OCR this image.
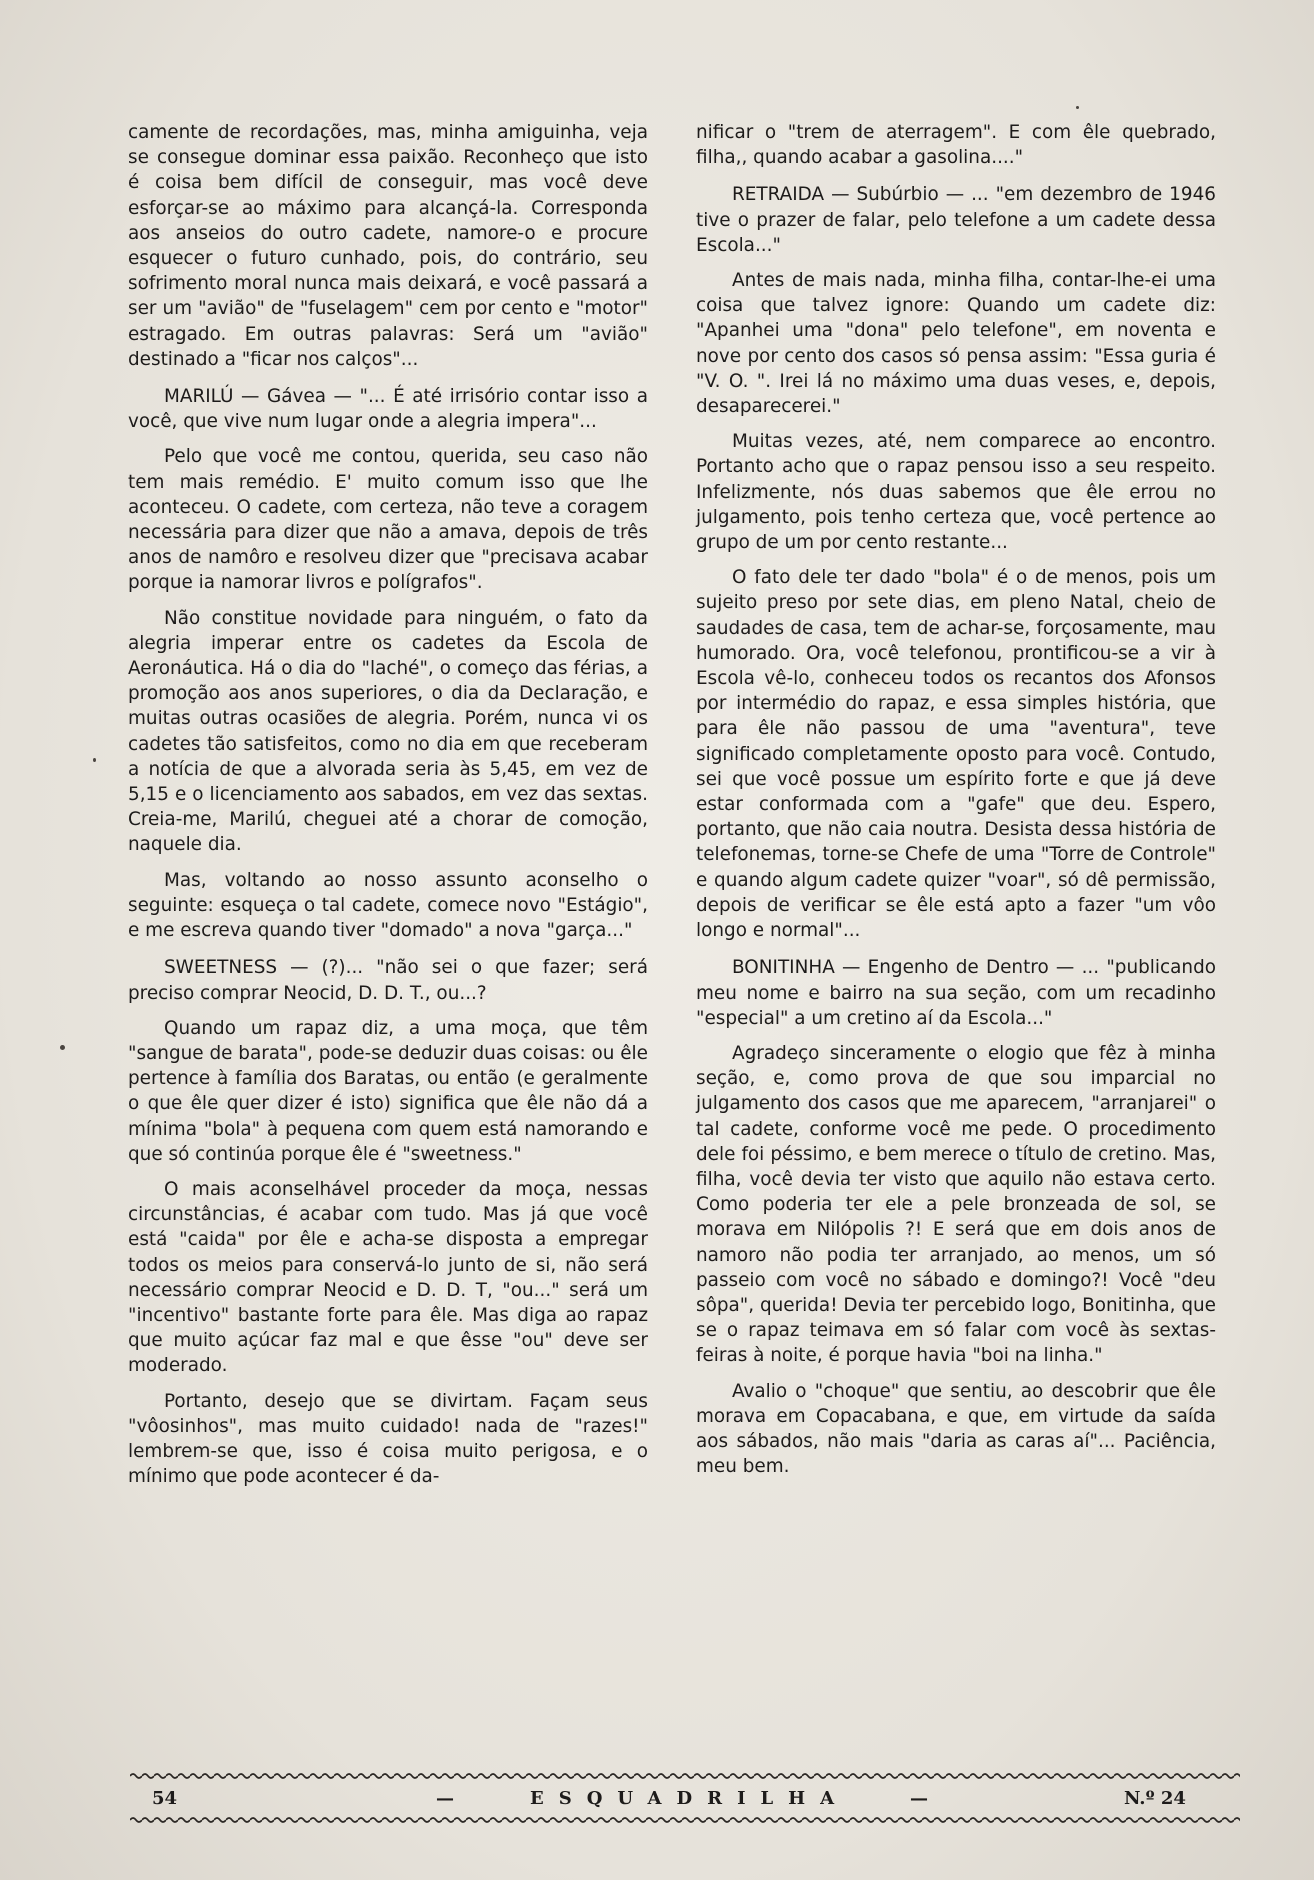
camente de recordações, mas, minha amiguinha, veja se consegue dominar essa paixão. Reconheço que isto é coisa bem difícil de conseguir, mas você deve esforçar-se ao máximo para alcançá-la. Corresponda aos anseios do outro cadete, namore-o e procure esquecer o futuro cunhado, pois, do contrário, seu sofrimento moral nunca mais deixará, e você passará a ser um "avião" de "fuselagem" cem por cento e "motor" estragado. Em outras palavras: Será um "avião" destinado a "ficar nos calços"...

MARILÚ — Gávea — "... É até irrisório contar isso a você, que vive num lugar onde a alegria impera"...

Pelo que você me contou, querida, seu caso não tem mais remédio. E' muito comum isso que lhe aconteceu. O cadete, com certeza, não teve a coragem necessária para dizer que não a amava, depois de três anos de namôro e resolveu dizer que "precisava acabar porque ia namorar livros e polígrafos".

Não constitue novidade para ninguém, o fato da alegria imperar entre os cadetes da Escola de Aeronáutica. Há o dia do "laché", o começo das férias, a promoção aos anos superiores, o dia da Declaração, e muitas outras ocasiões de alegria. Porém, nunca vi os cadetes tão satisfeitos, como no dia em que receberam a notícia de que a alvorada seria às 5,45, em vez de 5,15 e o licenciamento aos sabados, em vez das sextas. Creia-me, Marilú, cheguei até a chorar de comoção, naquele dia.

Mas, voltando ao nosso assunto aconselho o seguinte: esqueça o tal cadete, comece novo "Estágio", e me escreva quando tiver "domado" a nova "garça..."

SWEETNESS — (?)... "não sei o que fazer; será preciso comprar Neocid, D. D. T., ou...?

Quando um rapaz diz, a uma moça, que têm "sangue de barata", pode-se deduzir duas coisas: ou êle pertence à família dos Baratas, ou então (e geralmente o que êle quer dizer é isto) significa que êle não dá a mínima "bola" à pequena com quem está namorando e que só continúa porque êle é "sweetness."

O mais aconselhável proceder da moça, nessas circunstâncias, é acabar com tudo. Mas já que você está "caida" por êle e acha-se disposta a empregar todos os meios para conservá-lo junto de si, não será necessário comprar Neocid e D. D. T, "ou..." será um "incentivo" bastante forte para êle. Mas diga ao rapaz que muito açúcar faz mal e que êsse "ou" deve ser moderado.

Portanto, desejo que se divirtam. Façam seus "vôosinhos", mas muito cuidado! nada de "razes!" lembrem-se que, isso é coisa muito perigosa, e o mínimo que pode acontecer é da-

nificar o "trem de aterragem". E com êle quebrado, filha,, quando acabar a gasolina...."

RETRAIDA — Subúrbio — ... "em dezembro de 1946 tive o prazer de falar, pelo telefone a um cadete dessa Escola..."

Antes de mais nada, minha filha, contar-lhe-ei uma coisa que talvez ignore: Quando um cadete diz: "Apanhei uma "dona" pelo telefone", em noventa e nove por cento dos casos só pensa assim: "Essa guria é "V. O. ". Irei lá no máximo uma duas veses, e, depois, desaparecerei."

Muitas vezes, até, nem comparece ao encontro. Portanto acho que o rapaz pensou isso a seu respeito. Infelizmente, nós duas sabemos que êle errou no julgamento, pois tenho certeza que, você pertence ao grupo de um por cento restante...

O fato dele ter dado "bola" é o de menos, pois um sujeito preso por sete dias, em pleno Natal, cheio de saudades de casa, tem de achar-se, forçosamente, mau humorado. Ora, você telefonou, prontificou-se a vir à Escola vê-lo, conheceu todos os recantos dos Afonsos por intermédio do rapaz, e essa simples história, que para êle não passou de uma "aventura", teve significado completamente oposto para você. Contudo, sei que você possue um espírito forte e que já deve estar conformada com a "gafe" que deu. Espero, portanto, que não caia noutra. Desista dessa história de telefonemas, torne-se Chefe de uma "Torre de Controle" e quando algum cadete quizer "voar", só dê permissão, depois de verificar se êle está apto a fazer "um vôo longo e normal"...

BONITINHA — Engenho de Dentro — ... "publicando meu nome e bairro na sua seção, com um recadinho "especial" a um cretino aí da Escola..."

Agradeço sinceramente o elogio que fêz à minha seção, e, como prova de que sou imparcial no julgamento dos casos que me aparecem, "arranjarei" o tal cadete, conforme você me pede. O procedimento dele foi péssimo, e bem merece o título de cretino. Mas, filha, você devia ter visto que aquilo não estava certo. Como poderia ter ele a pele bronzeada de sol, se morava em Nilópolis ?! E será que em dois anos de namoro não podia ter arranjado, ao menos, um só passeio com você no sábado e domingo?! Você "deu sôpa", querida! Devia ter percebido logo, Bonitinha, que se o rapaz teimava em só falar com você às sextas-feiras à noite, é porque havia "boi na linha."

Avalio o "choque" que sentiu, ao descobrir que êle morava em Copacabana, e que, em virtude da saída aos sábados, não mais "daria as caras aí"... Paciência, meu bem.

54	—	ESQUADRILHA	—	N.º 24
